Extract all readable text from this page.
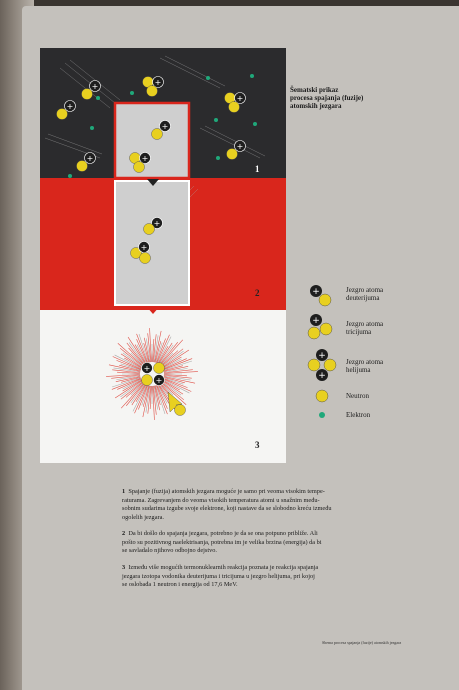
+	+
+
+
+
+
+
+
+
+
+
+
1
2
3
Šematski prikaz
procesa spajanja (fuzije)
atomskih jezgara
+	Jezgro atoma
deuterijuma
+	Jezgro atoma
tricijuma
+
+
Jezgro atoma
helijuma
Neutron
Elektron
1 Spajanje (fuzija) atomskih jezgara moguće je samo pri veoma visokim tempe-
raturama. Zagrevanjem do veoma visokih temperatura atomi u snažnim među-
sobnim sudarima izgube svoje elektrone, koji nastave da se slobodno kreću između
ogolelih jezgara.
2 Da bi došlo do spajanja jezgara, potrebno je da se ona potpuno približe. Ali
pošto su pozitivnog naelektrisanja, potrebna im je velika brzina (energija) da bi
se savladalo njihovo odbojno dejstvo.
3 Između više mogućih termonuklearnih reakcija poznata je reakcija spajanja
jezgara izotopa vodonika deuterijuma i tricijuma u jezgro helijuma, pri kojoj
se oslobađa 1 neutron i energija od 17,6 MeV.
Shema procesa spajanja (fuzije) atomskih jezgara
